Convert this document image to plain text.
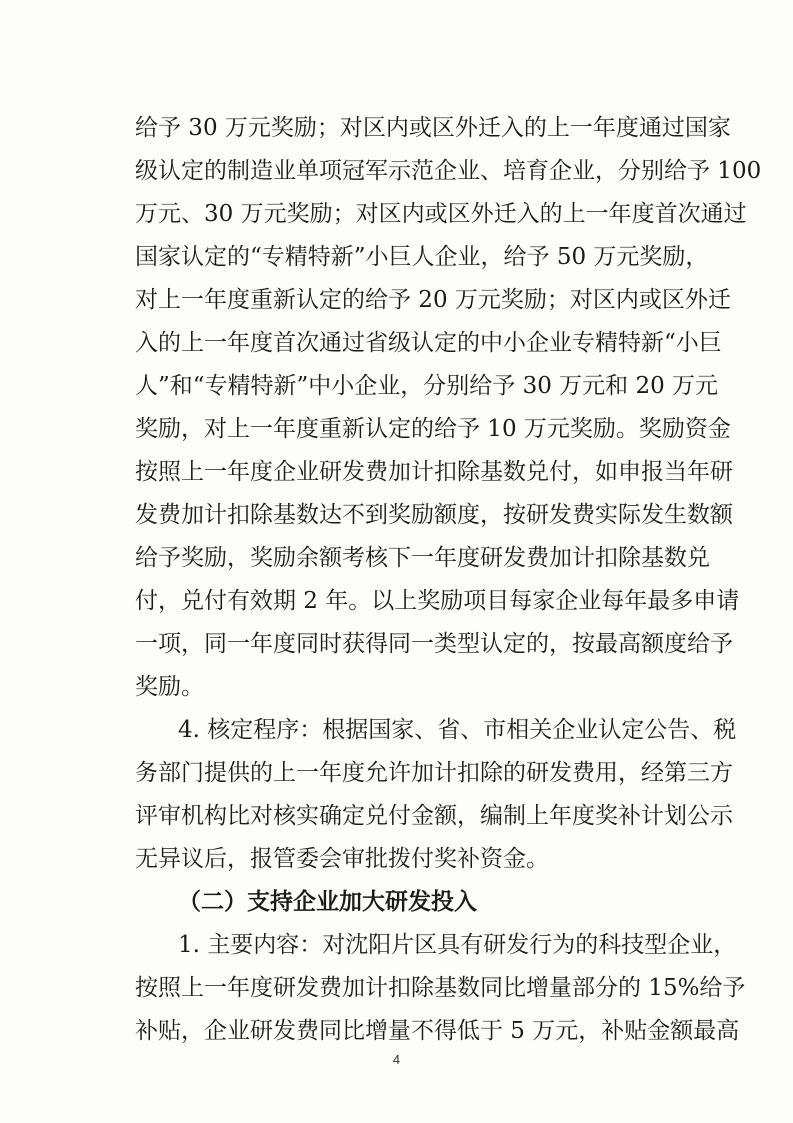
给予 30 万元奖励；对区内或区外迁入的上一年度通过国家
级认定的制造业单项冠军示范企业、培育企业，分别给予 100
万元、30 万元奖励；对区内或区外迁入的上一年度首次通过
国家认定的“专精特新”小巨人企业，给予 50 万元奖励，
对上一年度重新认定的给予 20 万元奖励；对区内或区外迁
入的上一年度首次通过省级认定的中小企业专精特新“小巨
人”和“专精特新”中小企业，分别给予 30 万元和 20 万元
奖励，对上一年度重新认定的给予 10 万元奖励。奖励资金
按照上一年度企业研发费加计扣除基数兑付，如申报当年研
发费加计扣除基数达不到奖励额度，按研发费实际发生数额
给予奖励，奖励余额考核下一年度研发费加计扣除基数兑
付，兑付有效期 2 年。以上奖励项目每家企业每年最多申请
一项，同一年度同时获得同一类型认定的，按最高额度给予
奖励。
4. 核定程序：根据国家、省、市相关企业认定公告、税
务部门提供的上一年度允许加计扣除的研发费用，经第三方
评审机构比对核实确定兑付金额，编制上年度奖补计划公示
无异议后，报管委会审批拨付奖补资金。
（二）支持企业加大研发投入
1. 主要内容：对沈阳片区具有研发行为的科技型企业，
按照上一年度研发费加计扣除基数同比增量部分的 15%给予
补贴，企业研发费同比增量不得低于 5 万元，补贴金额最高
4
